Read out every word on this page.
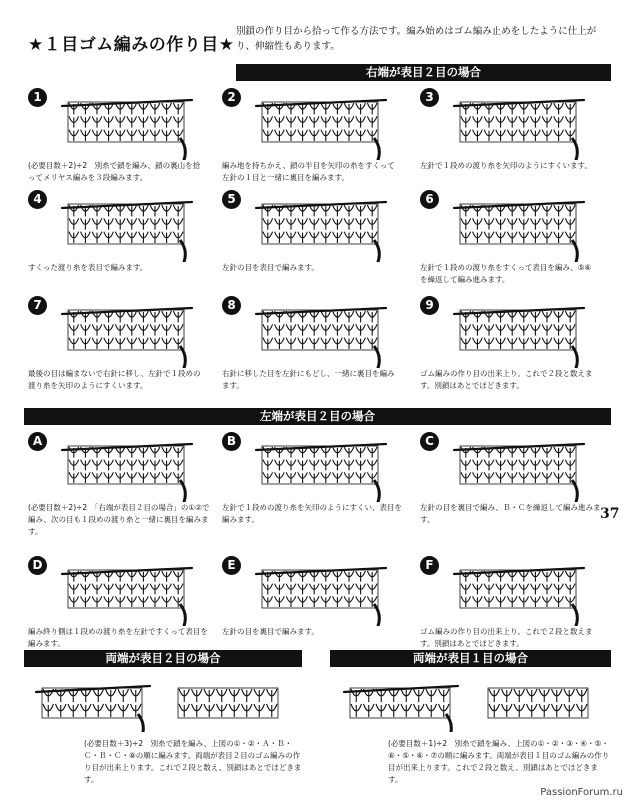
★１目ゴム編みの作り目★
別鎖の作り目から拾って作る方法です。編み始めはゴム編み止めをしたように仕上がり、伸縮性もあります。
右端が表目２目の場合
左端が表目２目の場合
両端が表目２目の場合	両端が表目１目の場合
1
(必要目数＋2)÷2　別糸で鎖を編み、鎖の裏山を拾ってメリヤス編みを３段編みます。
2
編み地を持ちかえ、鎖の半目を矢印の糸をすくって左針の１目と一緒に裏目を編みます。
3
左針で１段めの渡り糸を矢印のようにすくいます。
4
すくった渡り糸を表目で編みます。
5
左針の目を表目で編みます。
6
左針で１段めの渡り糸をすくって表目を編み、⑤⑥を繰返して編み進みます。
7
最後の目は編まないで右針に移し、左針で１段めの渡り糸を矢印のようにすくいます。
8
右針に移した目を左針にもどし、一緒に裏目を編みます。
9
ゴム編みの作り目の出来上り。これで２段と数えます。別鎖はあとでほどきます。
A
(必要目数＋2)÷2　「右端が表目２目の場合」の①②で編み、次の目も１段めの渡り糸と一緒に裏目を編みます。
B
左針で１段めの渡り糸を矢印のようにすくい、表目を編みます。
C
左針の目を裏目で編み、Ｂ・Ｃを繰返して編み進みます。
D
編み終り側は１段めの渡り糸を左針ですくって表目を編みます。
E
左針の目を裏目で編みます。
F
ゴム編みの作り目の出来上り。これで２段と数えます。別鎖はあとでほどきます。
(必要目数＋3)÷2　別糸で鎖を編み、上図の①・②・Ａ・Ｂ・Ｃ・Ｂ・Ｃ・⑧の順に編みます。両端が表目２目のゴム編みの作り目が出来上ります。これで２段と数え、別鎖はあとでほどきます。
(必要目数＋1)÷2　別糸で鎖を編み、上図の①・②・③・④・⑤・⑥・⑤・⑥・⑦の順に編みます。両端が表目１目のゴム編みの作り目が出来上ります。これで２段と数え、別鎖はあとでほどきます。
37
PassionForum.ru
